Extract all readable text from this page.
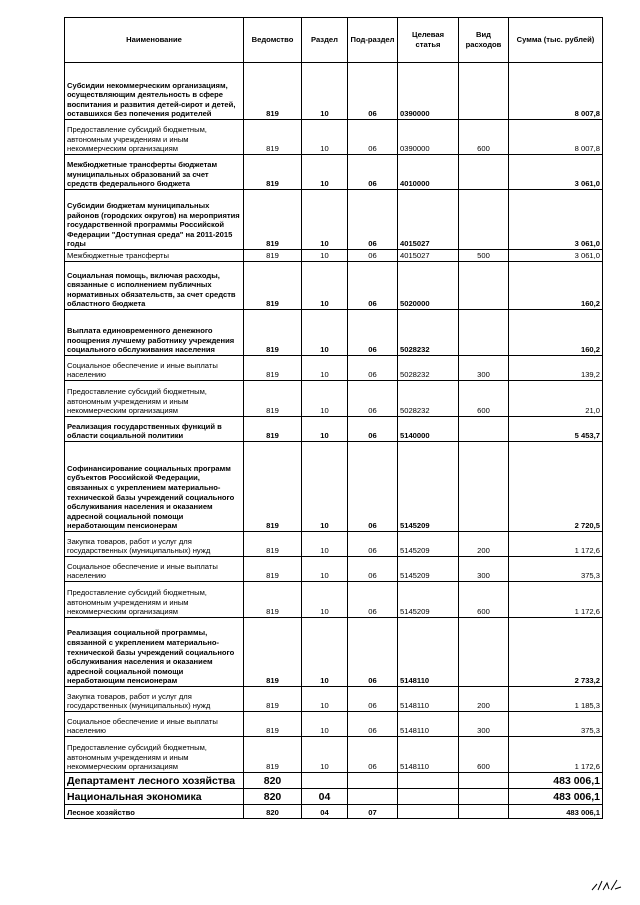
Наименование	Ведомство	Раздел	Под-раздел	Целевая статья	Вид расходов	Сумма (тыс. рублей)
Субсидии некоммерческим организациям, осуществляющим деятельность в сфере воспитания и развития детей-сирот и детей, оставшихся без попечения родителей	819	10	06	0390000		8 007,8
Предоставление субсидий бюджетным, автономным учреждениям и иным некоммерческим организациям	819	10	06	0390000	600	8 007,8
Межбюджетные трансферты бюджетам муниципальных образований за счет средств федерального бюджета	819	10	06	4010000		3 061,0
Субсидии бюджетам муниципальных районов (городских округов) на мероприятия государственной программы Российской Федерации "Доступная среда" на 2011-2015 годы	819	10	06	4015027		3 061,0
Межбюджетные трансферты	819	10	06	4015027	500	3 061,0
Социальная помощь, включая расходы, связанные с исполнением публичных нормативных обязательств, за счет средств областного бюджета	819	10	06	5020000		160,2
Выплата единовременного денежного поощрения лучшему работнику учреждения социального обслуживания населения	819	10	06	5028232		160,2
Социальное обеспечение и иные выплаты населению	819	10	06	5028232	300	139,2
Предоставление субсидий бюджетным, автономным учреждениям и иным некоммерческим организациям	819	10	06	5028232	600	21,0
Реализация государственных функций в области социальной политики	819	10	06	5140000		5 453,7
Софинансирование социальных программ субъектов Российской Федерации, связанных с укреплением материально-технической базы учреждений социального обслуживания населения и оказанием адресной социальной помощи неработающим пенсионерам	819	10	06	5145209		2 720,5
Закупка товаров, работ и услуг для государственных (муниципальных) нужд	819	10	06	5145209	200	1 172,6
Социальное обеспечение и иные выплаты населению	819	10	06	5145209	300	375,3
Предоставление субсидий бюджетным, автономным учреждениям и иным некоммерческим организациям	819	10	06	5145209	600	1 172,6
Реализация социальной программы, связанной с укреплением материально-технической базы учреждений социального обслуживания населения и оказанием адресной социальной помощи неработающим пенсионерам	819	10	06	5148110		2 733,2
Закупка товаров, работ и услуг для государственных (муниципальных) нужд	819	10	06	5148110	200	1 185,3
Социальное обеспечение и иные выплаты населению	819	10	06	5148110	300	375,3
Предоставление субсидий бюджетным, автономным учреждениям и иным некоммерческим организациям	819	10	06	5148110	600	1 172,6
Департамент лесного хозяйства	820					483 006,1
Национальная экономика	820	04				483 006,1
Лесное хозяйство	820	04	07			483 006,1
